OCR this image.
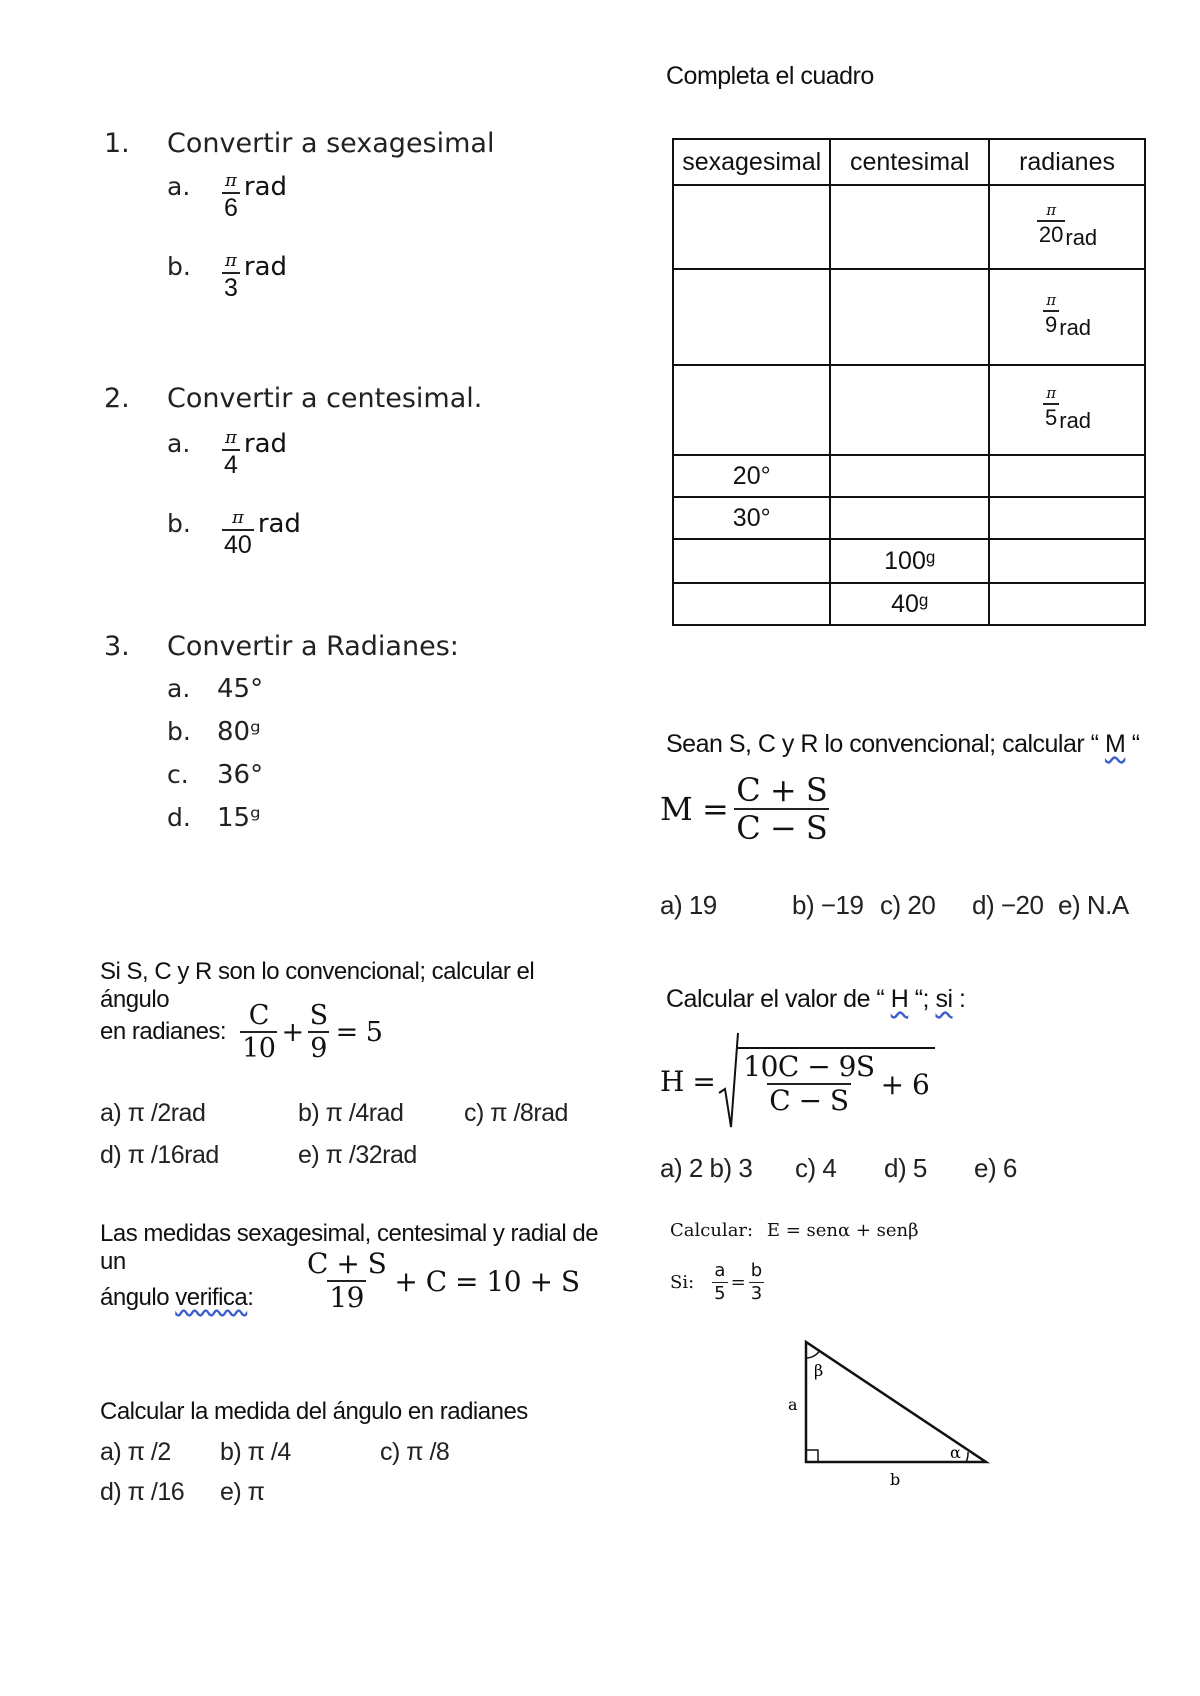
1. Convertir a sexagesimal
a.	$\frac{\pi}{6}$ rad
b.	$\frac{\pi}{3}$ rad
2. Convertir a centesimal.
a.	$\frac{\pi}{4}$ rad
b.	$\frac{\pi}{40}$ rad
3. Convertir a Radianes:
a. 45°
b. 80ᵍ
c. 36°
d. 15ᵍ
Si S, C y R son lo convencional; calcular el ángulo
en radianes: $\frac{C}{10} + \frac{S}{9} = 5$
a) π /2rad	b) π /4rad c) π /8rad
d) π /16rad	e) π /32rad
Las medidas sexagesimal, centesimal y radial de un
ángulo verifica: $\frac{C + S}{19} + C = 10 + S$
Calcular la medida del ángulo en radianes
a) π /2 b) π /4	c) π /8
d) π /16 e) π
Completa el cuadro
sexagesimal	centesimal	radianes

		$\frac{\pi}{20}$ rad

		$\frac{\pi}{9}$ rad

		$\frac{\pi}{5}$ rad
20°		
30°		
	100ᵍ	
	40ᵍ	
Sean S, C y R lo convencional; calcular “ M “
$M = \frac{C + S}{C - S}$
a) 19	b) −19 c) 20 d) −20 e) N.A
Calcular el valor de “ H “; si :
$H = \frac{10C - 9S}{C - S} + 6$
a) 2 b) 3 c) 4 d) 5 e) 6
Calcular: E = senα + senβ
Si: $\frac{a}{5} = \frac{b}{3}$
β
α
a
b
